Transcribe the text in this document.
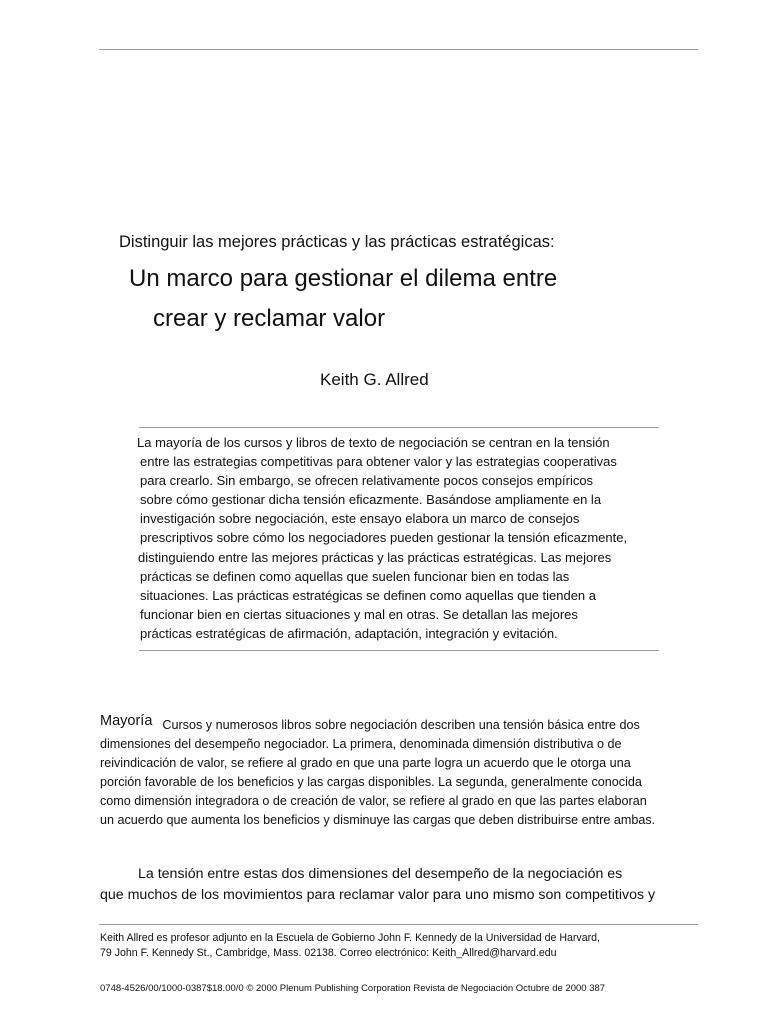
Distinguir las mejores prácticas y las prácticas estratégicas:
Un marco para gestionar el dilema entre
crear y reclamar valor
Keith G. Allred
La mayoría de los cursos y libros de texto de negociación se centran en la tensión
entre las estrategias competitivas para obtener valor y las estrategias cooperativas
para crearlo. Sin embargo, se ofrecen relativamente pocos consejos empíricos
sobre cómo gestionar dicha tensión eficazmente. Basándose ampliamente en la
investigación sobre negociación, este ensayo elabora un marco de consejos
prescriptivos sobre cómo los negociadores pueden gestionar la tensión eficazmente,
distinguiendo entre las mejores prácticas y las prácticas estratégicas. Las mejores
prácticas se definen como aquellas que suelen funcionar bien en todas las
situaciones. Las prácticas estratégicas se definen como aquellas que tienden a
funcionar bien en ciertas situaciones y mal en otras. Se detallan las mejores
prácticas estratégicas de afirmación, adaptación, integración y evitación.
Mayoría Cursos y numerosos libros sobre negociación describen una tensión básica entre dos
dimensiones del desempeño negociador. La primera, denominada dimensión distributiva o de
reivindicación de valor, se refiere al grado en que una parte logra un acuerdo que le otorga una
porción favorable de los beneficios y las cargas disponibles. La segunda, generalmente conocida
como dimensión integradora o de creación de valor, se refiere al grado en que las partes elaboran
un acuerdo que aumenta los beneficios y disminuye las cargas que deben distribuirse entre ambas.
La tensión entre estas dos dimensiones del desempeño de la negociación es
que muchos de los movimientos para reclamar valor para uno mismo son competitivos y
Keith Allred es profesor adjunto en la Escuela de Gobierno John F. Kennedy de la Universidad de Harvard,
79 John F. Kennedy St., Cambridge, Mass. 02138. Correo electrónico: Keith_Allred@harvard.edu
0748-4526/00/1000-0387$18.00/0 © 2000 Plenum Publishing Corporation Revista de Negociación Octubre de 2000 387
